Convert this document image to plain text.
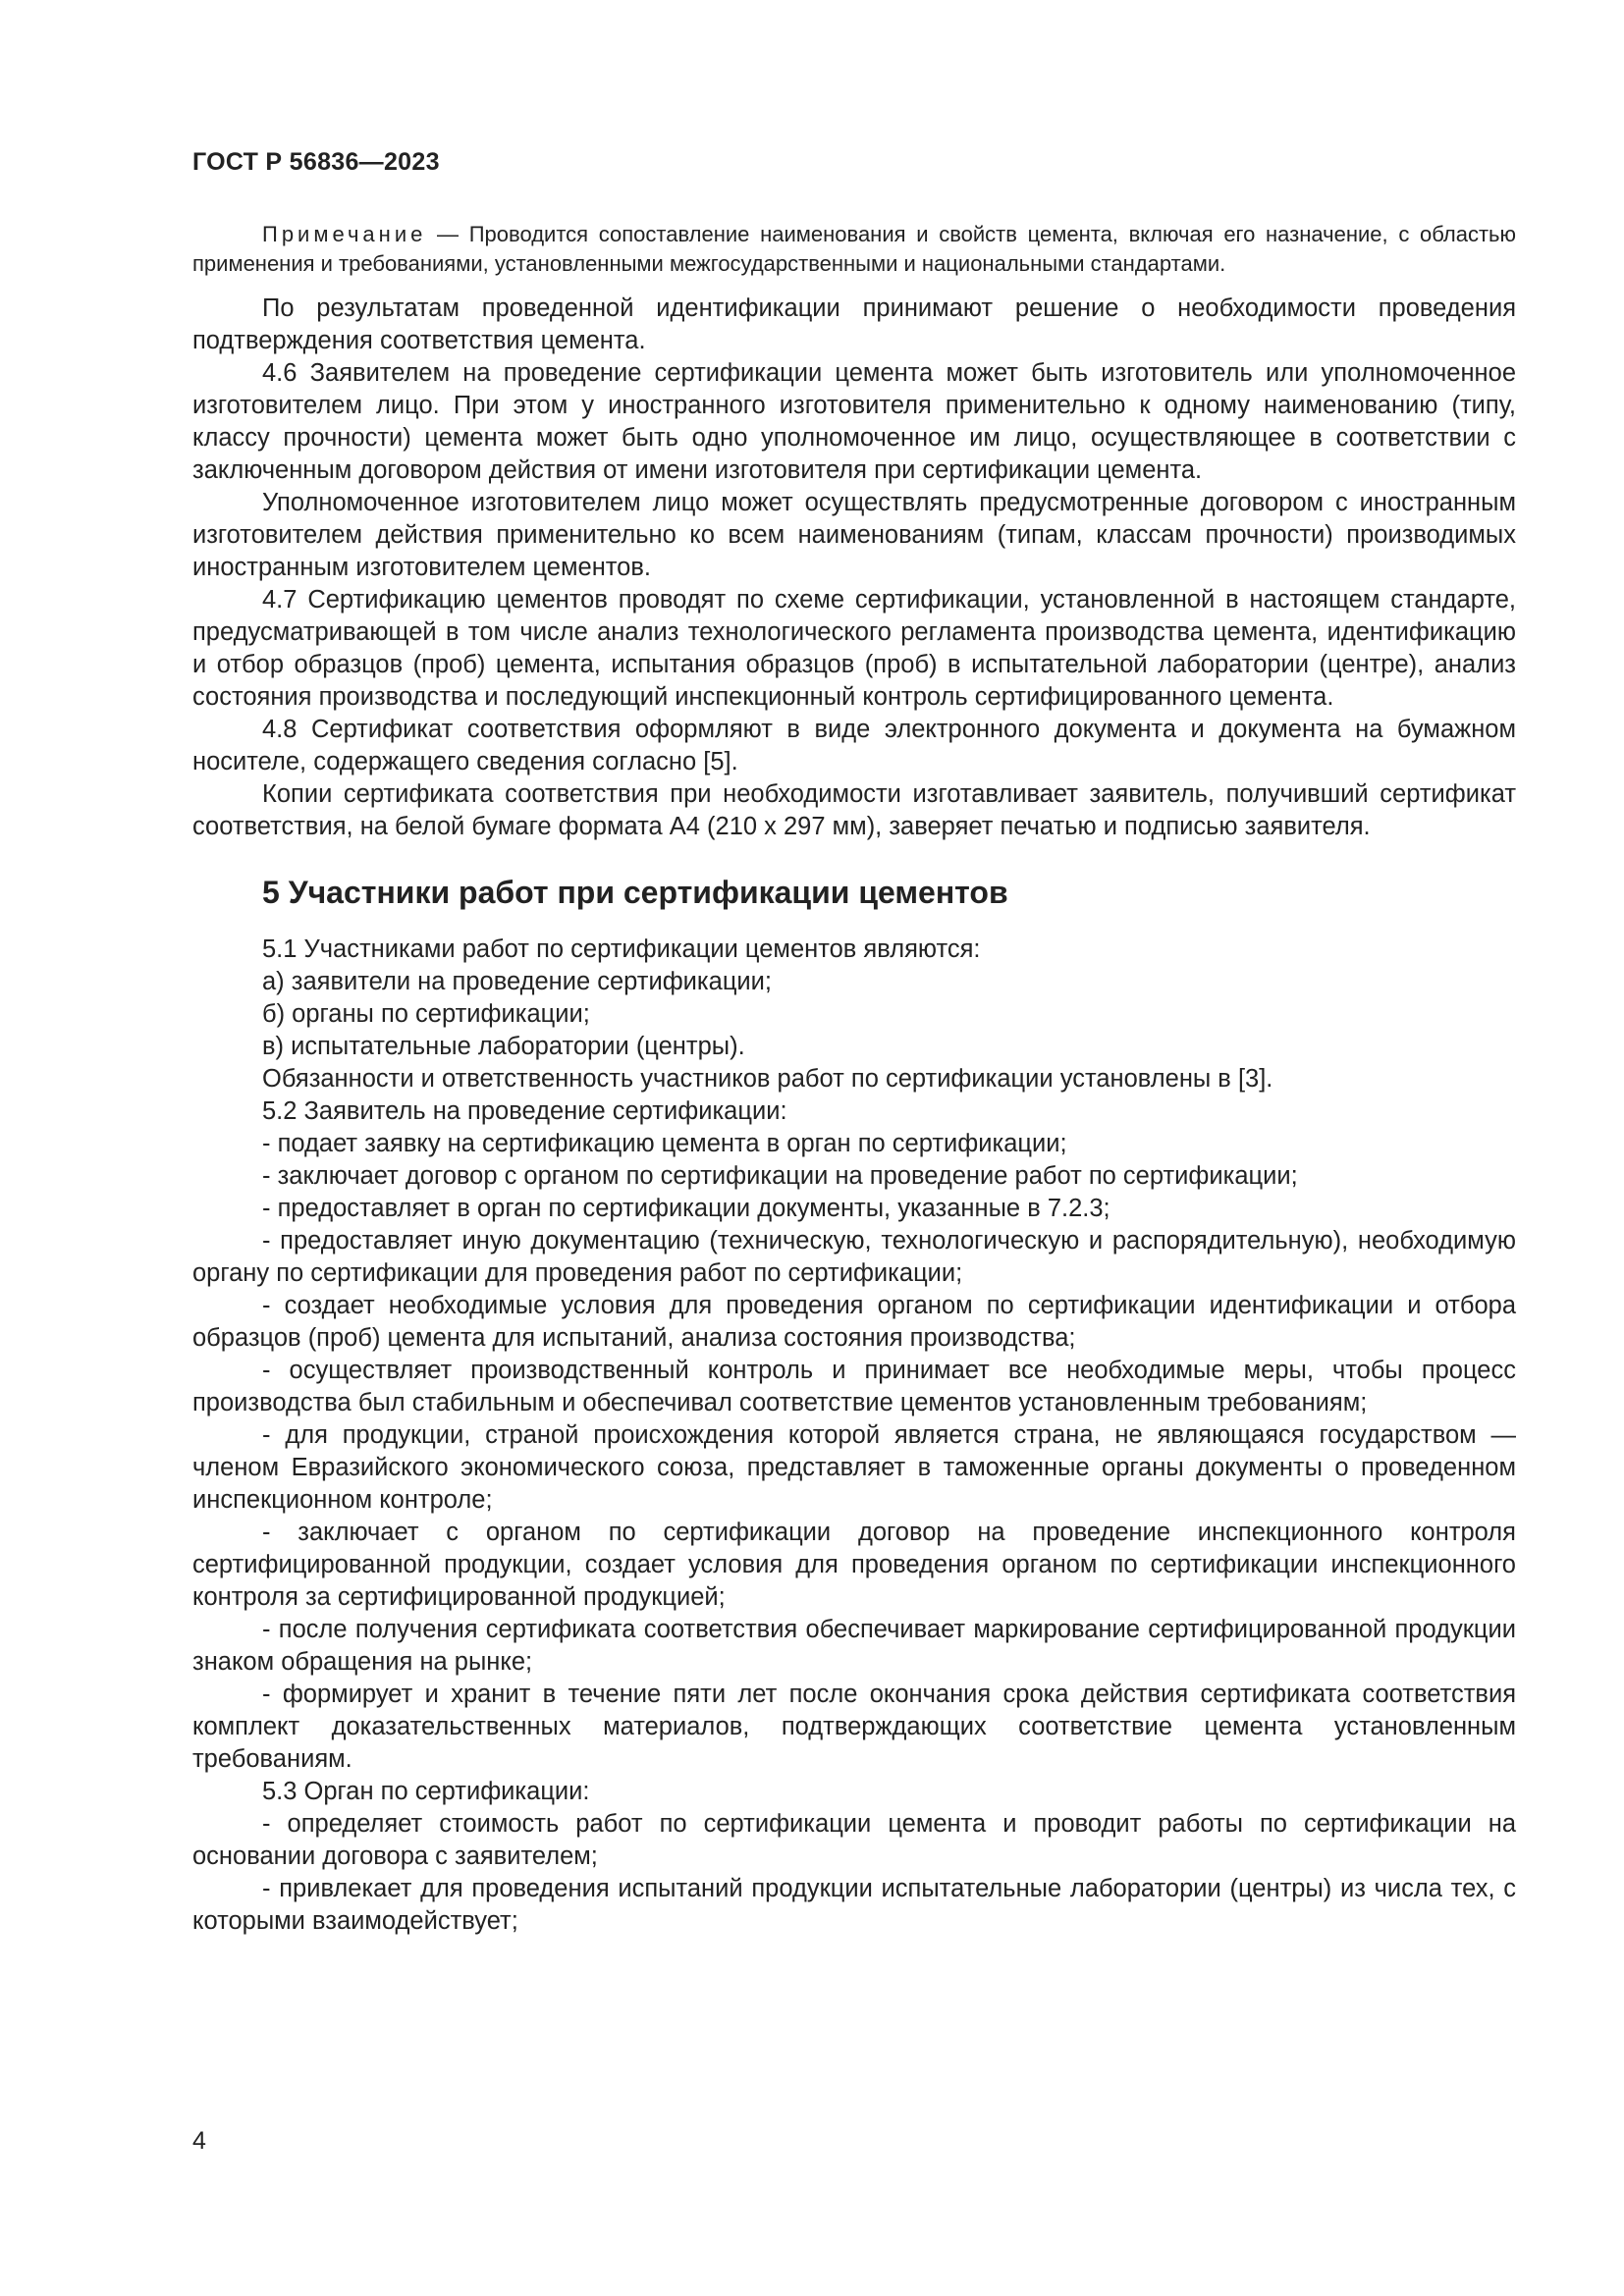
ГОСТ Р 56836—2023

Примечание — Проводится сопоставление наименования и свойств цемента, включая его назначение, с областью применения и требованиями, установленными межгосударственными и национальными стандартами.

По результатам проведенной идентификации принимают решение о необходимости проведения подтверждения соответствия цемента.

4.6 Заявителем на проведение сертификации цемента может быть изготовитель или уполномоченное изготовителем лицо. При этом у иностранного изготовителя применительно к одному наименованию (типу, классу прочности) цемента может быть одно уполномоченное им лицо, осуществляющее в соответствии с заключенным договором действия от имени изготовителя при сертификации цемента.

Уполномоченное изготовителем лицо может осуществлять предусмотренные договором с иностранным изготовителем действия применительно ко всем наименованиям (типам, классам прочности) производимых иностранным изготовителем цементов.

4.7 Сертификацию цементов проводят по схеме сертификации, установленной в настоящем стандарте, предусматривающей в том числе анализ технологического регламента производства цемента, идентификацию и отбор образцов (проб) цемента, испытания образцов (проб) в испытательной лаборатории (центре), анализ состояния производства и последующий инспекционный контроль сертифицированного цемента.

4.8 Сертификат соответствия оформляют в виде электронного документа и документа на бумажном носителе, содержащего сведения согласно [5].

Копии сертификата соответствия при необходимости изготавливает заявитель, получивший сертификат соответствия, на белой бумаге формата А4 (210 х 297 мм), заверяет печатью и подписью заявителя.

5 Участники работ при сертификации цементов

5.1 Участниками работ по сертификации цементов являются:

а) заявители на проведение сертификации;

б) органы по сертификации;

в) испытательные лаборатории (центры).

Обязанности и ответственность участников работ по сертификации установлены в [3].

5.2 Заявитель на проведение сертификации:

- подает заявку на сертификацию цемента в орган по сертификации;

- заключает договор с органом по сертификации на проведение работ по сертификации;

- предоставляет в орган по сертификации документы, указанные в 7.2.3;

- предоставляет иную документацию (техническую, технологическую и распорядительную), необходимую органу по сертификации для проведения работ по сертификации;

- создает необходимые условия для проведения органом по сертификации идентификации и отбора образцов (проб) цемента для испытаний, анализа состояния производства;

- осуществляет производственный контроль и принимает все необходимые меры, чтобы процесс производства был стабильным и обеспечивал соответствие цементов установленным требованиям;

- для продукции, страной происхождения которой является страна, не являющаяся государством — членом Евразийского экономического союза, представляет в таможенные органы документы о проведенном инспекционном контроле;

- заключает с органом по сертификации договор на проведение инспекционного контроля сертифицированной продукции, создает условия для проведения органом по сертификации инспекционного контроля за сертифицированной продукцией;

- после получения сертификата соответствия обеспечивает маркирование сертифицированной продукции знаком обращения на рынке;

- формирует и хранит в течение пяти лет после окончания срока действия сертификата соответствия комплект доказательственных материалов, подтверждающих соответствие цемента установленным требованиям.

5.3 Орган по сертификации:

- определяет стоимость работ по сертификации цемента и проводит работы по сертификации на основании договора с заявителем;

- привлекает для проведения испытаний продукции испытательные лаборатории (центры) из числа тех, с которыми взаимодействует;

4
